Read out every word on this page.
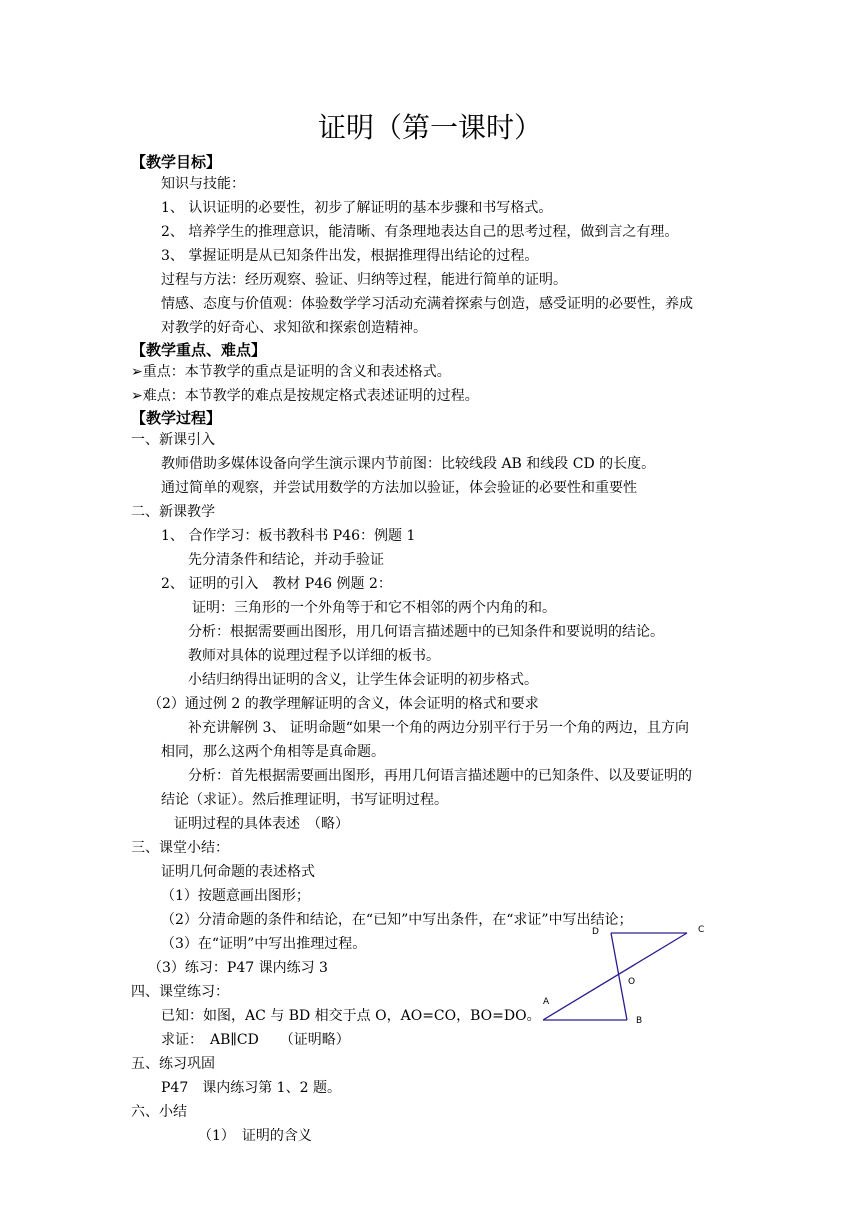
证明（第一课时）
【教学目标】
知识与技能：
1、 认识证明的必要性，初步了解证明的基本步骤和书写格式。
2、 培养学生的推理意识，能清晰、有条理地表达自己的思考过程，做到言之有理。
3、 掌握证明是从已知条件出发，根据推理得出结论的过程。
过程与方法：经历观察、验证、归纳等过程，能进行简单的证明。
情感、态度与价值观：体验数学学习活动充满着探索与创造，感受证明的必要性，养成
对教学的好奇心、求知欲和探索创造精神。
【教学重点、难点】
➢重点：本节教学的重点是证明的含义和表述格式。
➢难点：本节教学的难点是按规定格式表述证明的过程。
【教学过程】
一、新课引入
教师借助多媒体设备向学生演示课内节前图：比较线段 AB 和线段 CD 的长度。
通过简单的观察，并尝试用数学的方法加以验证，体会验证的必要性和重要性
二、新课教学
1、 合作学习：板书教科书 P46：例题 1
先分清条件和结论，并动手验证
2、 证明的引入　教材 P46 例题 2：
证明：三角形的一个外角等于和它不相邻的两个内角的和。
分析：根据需要画出图形，用几何语言描述题中的已知条件和要说明的结论。
教师对具体的说理过程予以详细的板书。
小结归纳得出证明的含义，让学生体会证明的初步格式。
（2）通过例 2 的教学理解证明的含义，体会证明的格式和要求
补充讲解例 3、 证明命题“如果一个角的两边分别平行于另一个角的两边，且方向
相同，那么这两个角相等是真命题。
分析：首先根据需要画出图形，再用几何语言描述题中的已知条件、以及要证明的
结论（求证）。然后推理证明，书写证明过程。
证明过程的具体表述　（略）
三、课堂小结：
证明几何命题的表述格式
（1）按题意画出图形；
（2）分清命题的条件和结论，在“已知”中写出条件，在“求证”中写出结论；
（3）在“证明”中写出推理过程。
（3）练习：P47 课内练习 3
四、课堂练习：
已知：如图，AC 与 BD 相交于点 O，AO=CO，BO=DO。
求证：　AB∥CD　　（证明略）
五、练习巩固
P47　课内练习第 1、2 题。
六、小结
（1）　证明的含义
D	C
O
A
B
